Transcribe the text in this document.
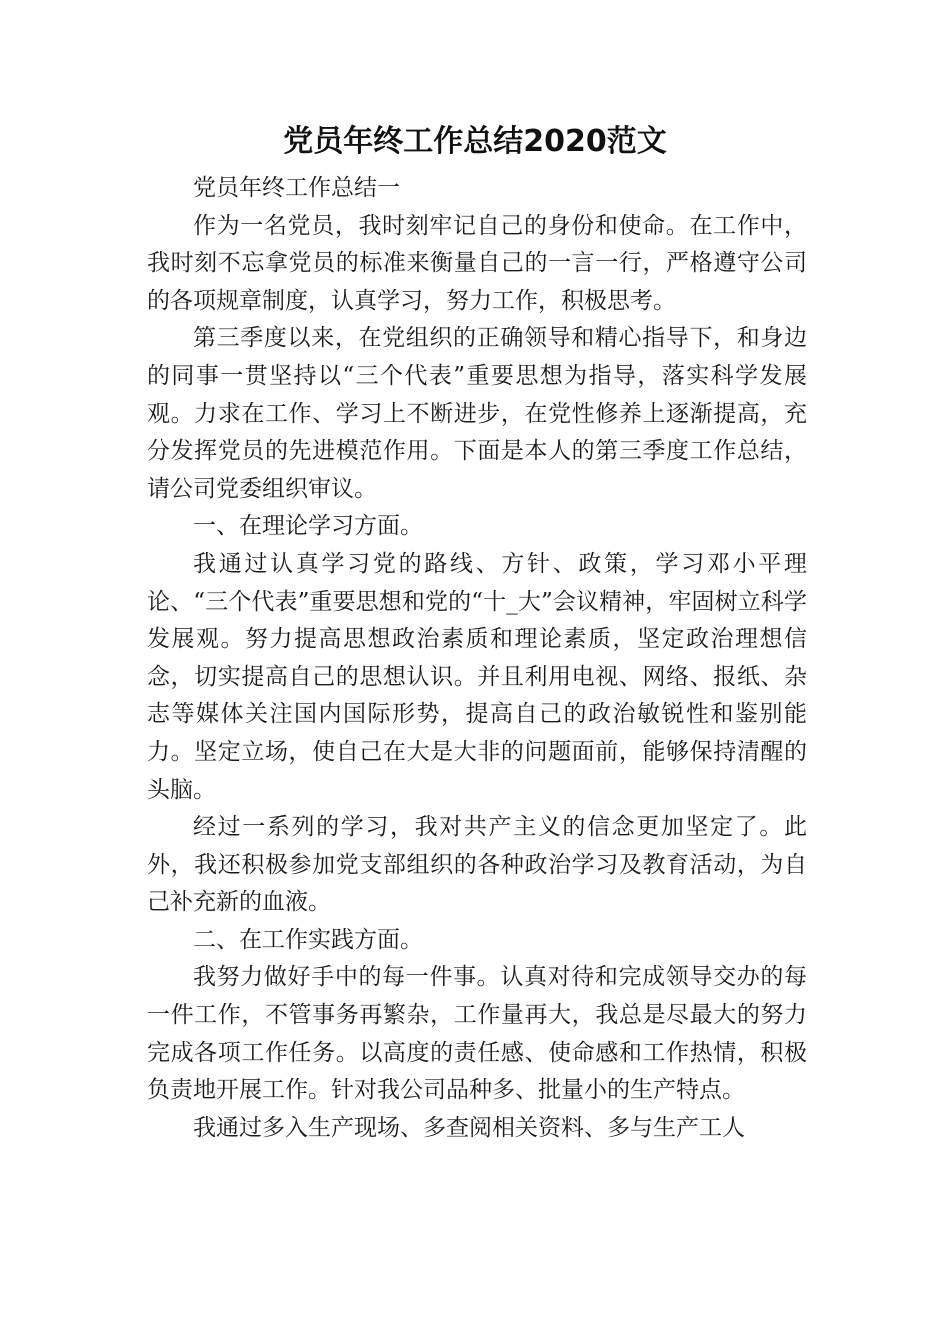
党员年终工作总结2020范文

党员年终工作总结一

作为一名党员，我时刻牢记自己的身份和使命。在工作中，我时刻不忘拿党员的标准来衡量自己的一言一行，严格遵守公司的各项规章制度，认真学习，努力工作，积极思考。

第三季度以来，在党组织的正确领导和精心指导下，和身边的同事一贯坚持以“三个代表”重要思想为指导，落实科学发展观。力求在工作、学习上不断进步，在党性修养上逐渐提高，充分发挥党员的先进模范作用。下面是本人的第三季度工作总结，请公司党委组织审议。

一、在理论学习方面。

我通过认真学习党的路线、方针、政策，学习邓小平理论、“三个代表”重要思想和党的“十_大”会议精神，牢固树立科学发展观。努力提高思想政治素质和理论素质，坚定政治理想信念，切实提高自己的思想认识。并且利用电视、网络、报纸、杂志等媒体关注国内国际形势，提高自己的政治敏锐性和鉴别能力。坚定立场，使自己在大是大非的问题面前，能够保持清醒的头脑。

经过一系列的学习，我对共产主义的信念更加坚定了。此外，我还积极参加党支部组织的各种政治学习及教育活动，为自己补充新的血液。

二、在工作实践方面。

我努力做好手中的每一件事。认真对待和完成领导交办的每一件工作，不管事务再繁杂，工作量再大，我总是尽最大的努力完成各项工作任务。以高度的责任感、使命感和工作热情，积极负责地开展工作。针对我公司品种多、批量小的生产特点。

我通过多入生产现场、多查阅相关资料、多与生产工人
